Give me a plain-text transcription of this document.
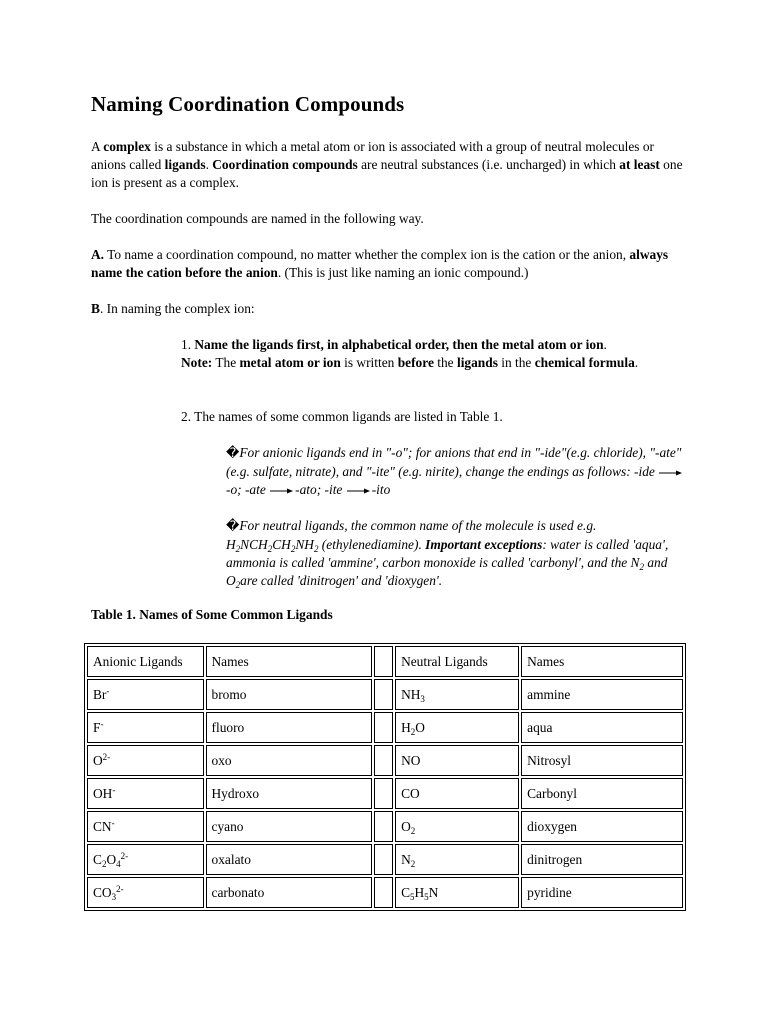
Naming Coordination Compounds

A complex is a substance in which a metal atom or ion is associated with a group of neutral molecules or anions called ligands. Coordination compounds are neutral substances (i.e. uncharged) in which at least one ion is present as a complex.

The coordination compounds are named in the following way.

A. To name a coordination compound, no matter whether the complex ion is the cation or the anion, always name the cation before the anion. (This is just like naming an ionic compound.)

B. In naming the complex ion:

1. Name the ligands first, in alphabetical order, then the metal atom or ion.
Note: The metal atom or ion is written before the ligands in the chemical formula.

2. The names of some common ligands are listed in Table 1.

�For anionic ligands end in "-o"; for anions that end in "-ide"(e.g. chloride), "-ate" (e.g. sulfate, nitrate), and "-ite" (e.g. nirite), change the endings as follows: -ide -o; -ate -ato; -ite -ito

�For neutral ligands, the common name of the molecule is used e.g. $H_2NCH_2CH_2NH_2$ (ethylenediamine). Important exceptions: water is called 'aqua', ammonia is called 'ammine', carbon monoxide is called 'carbonyl', and the $N_2$ and $O_2are$ called 'dinitrogen' and 'dioxygen'.

Table 1. Names of Some Common Ligands

Anionic Ligands	Names		Neutral Ligands	Names
Br-	bromo		$NH_3$	ammine
F-	fluoro		$H_2O$	aqua
$O^{2-}$	oxo		NO	Nitrosyl
OH-	Hydroxo		CO	Carbonyl
CN-	cyano		$O_2$	dioxygen
$C_2O_4^{2-}$	oxalato		$N_2$	dinitrogen
$CO_3^{2-}$	carbonato		$C_5H_5N$	pyridine
